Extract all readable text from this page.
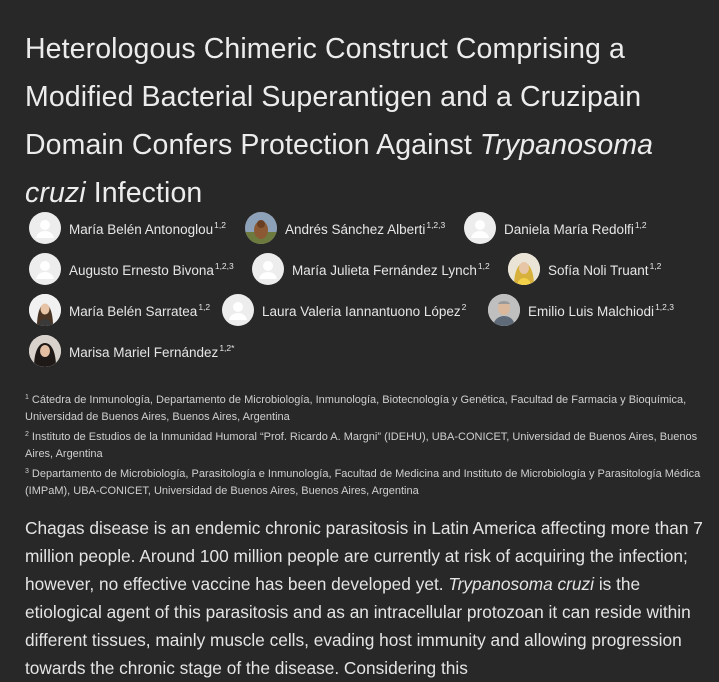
Heterologous Chimeric Construct Comprising a Modified Bacterial Superantigen and a Cruzipain Domain Confers Protection Against Trypanosoma cruzi Infection
María Belén Antonoglou$^{1,2}$	Andrés Sánchez Alberti$^{1,2,3}$	Daniela María Redolfi$^{1,2}$
Augusto Ernesto Bivona$^{1,2,3}$	María Julieta Fernández Lynch$^{1,2}$	Sofía Noli Truant$^{1,2}$
María Belén Sarratea$^{1,2}$	Laura Valeria Iannantuono López$^2$	Emilio Luis Malchiodi$^{1,2,3}$
Marisa Mariel Fernández$^{1,2*}$
$^1$ Cátedra de Inmunología, Departamento de Microbiología, Inmunología, Biotecnología y Genética, Facultad de Farmacia y Bioquímica, Universidad de Buenos Aires, Buenos Aires, Argentina
$^2$ Instituto de Estudios de la Inmunidad Humoral “Prof. Ricardo A. Margni” (IDEHU), UBA-CONICET, Universidad de Buenos Aires, Buenos Aires, Argentina
$^3$ Departamento de Microbiología, Parasitología e Inmunología, Facultad de Medicina and Instituto de Microbiología y Parasitología Médica (IMPaM), UBA-CONICET, Universidad de Buenos Aires, Buenos Aires, Argentina

Chagas disease is an endemic chronic parasitosis in Latin America affecting more than 7 million people. Around 100 million people are currently at risk of acquiring the infection; however, no effective vaccine has been developed yet. Trypanosoma cruzi is the etiological agent of this parasitosis and as an intracellular protozoan it can reside within different tissues, mainly muscle cells, evading host immunity and allowing progression towards the chronic stage of the disease. Considering this
